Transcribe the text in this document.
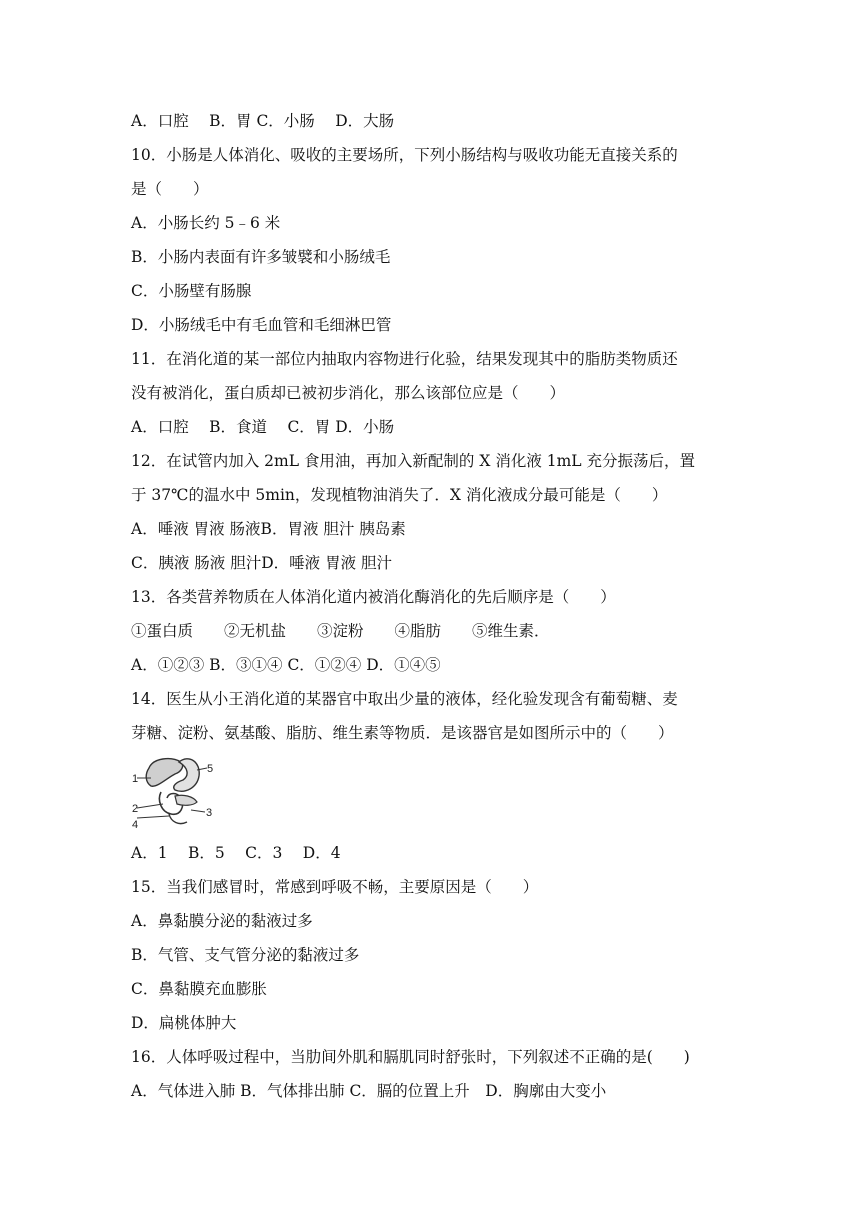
A．口腔　 B．胃 C．小肠　 D．大肠
10．小肠是人体消化、吸收的主要场所，下列小肠结构与吸收功能无直接关系的
是（　　）
A．小肠长约 5﹣6 米
B．小肠内表面有许多皱襞和小肠绒毛
C．小肠壁有肠腺
D．小肠绒毛中有毛血管和毛细淋巴管
11．在消化道的某一部位内抽取内容物进行化验，结果发现其中的脂肪类物质还
没有被消化，蛋白质却已被初步消化，那么该部位应是（　　）
A．口腔　 B．食道　 C．胃 D．小肠
12．在试管内加入 2mL 食用油，再加入新配制的 X 消化液 1mL 充分振荡后，置
于 37℃的温水中 5min，发现植物油消失了．X 消化液成分最可能是（　　）
A．唾液 胃液 肠液B．胃液 胆汁 胰岛素
C．胰液 肠液 胆汁D．唾液 胃液 胆汁
13．各类营养物质在人体消化道内被消化酶消化的先后顺序是（　　）
①蛋白质　　②无机盐　　③淀粉　　④脂肪　　⑤维生素．
A．①②③ B．③①④ C．①②④ D．①④⑤
14．医生从小王消化道的某器官中取出少量的液体，经化验发现含有葡萄糖、麦
芽糖、淀粉、氨基酸、脂肪、维生素等物质．是该器官是如图所示中的（　　）
1
2	3
4
5
A．1　 B．5　 C．3　 D．4
15．当我们感冒时，常感到呼吸不畅，主要原因是（　　）
A．鼻黏膜分泌的黏液过多
B．气管、支气管分泌的黏液过多
C．鼻黏膜充血膨胀
D．扁桃体肿大
16．人体呼吸过程中，当肋间外肌和膈肌同时舒张时，下列叙述不正确的是(　　)
A．气体进入肺 B．气体排出肺 C．膈的位置上升　D．胸廓由大变小
